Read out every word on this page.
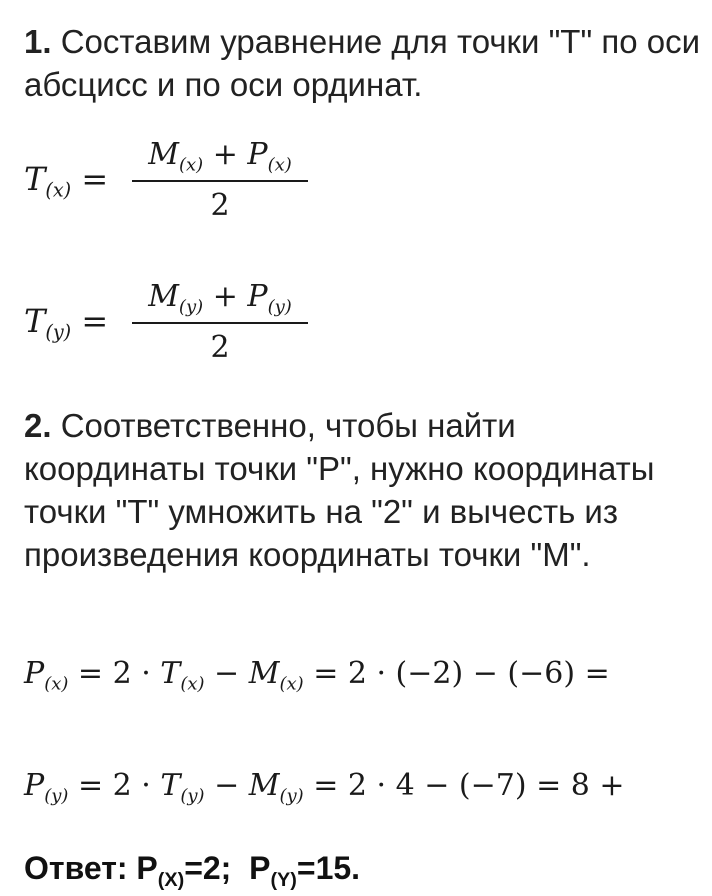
1. Составим уравнение для точки "Т" по оси абсцисс и по оси ординат.
$T_{(x)}$ =
$M_{(x)} + P_{(x)}$
2
$T_{(y)}$ =
$M_{(y)} + P_{(y)}$
2
2. Соответственно, чтобы найти координаты точки "Р", нужно координаты точки "Т" умножить на "2" и вычесть из произведения координаты точки "М".
$P_{(x)} = 2 \cdot T_{(x)} - M_{(x)} = 2 \cdot (-2) - (-6)$ =
$P_{(y)} = 2 \cdot T_{(y)} - M_{(y)} = 2 \cdot 4 - (-7) = 8$ +
Ответ: $P_{(X)}=2$; $P_{(Y)}=15$.
